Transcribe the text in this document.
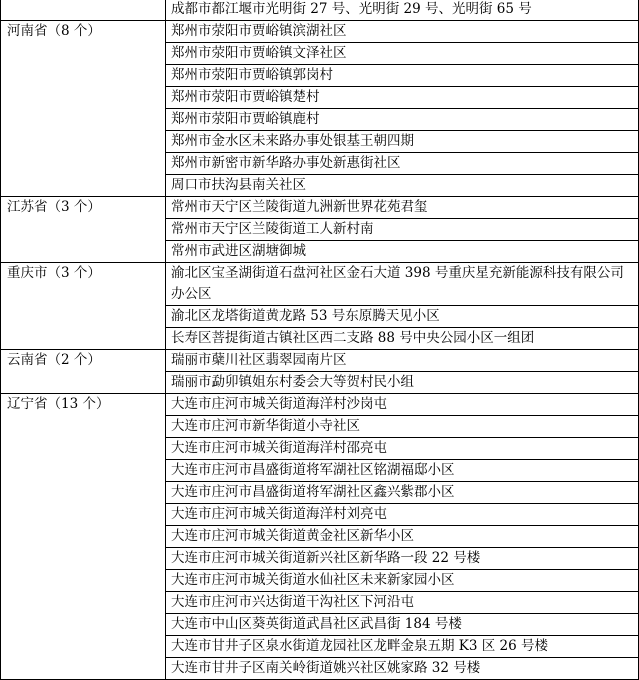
	成都市都江堰市光明街 27 号、光明街 29 号、光明街 65 号
河南省（8 个）	郑州市荥阳市贾峪镇滨湖社区
	郑州市荥阳市贾峪镇文泽社区
	郑州市荥阳市贾峪镇郭岗村
	郑州市荥阳市贾峪镇楚村
	郑州市荥阳市贾峪镇鹿村
	郑州市金水区未来路办事处银基王朝四期
	郑州市新密市新华路办事处新惠街社区
	周口市扶沟县南关社区
江苏省（3 个）	常州市天宁区兰陵街道九洲新世界花苑君玺
	常州市天宁区兰陵街道工人新村南
	常州市武进区湖塘御城
重庆市（3 个）	渝北区宝圣湖街道石盘河社区金石大道 398 号重庆星充新能源科技有限公司办公区
	渝北区龙塔街道黄龙路 53 号东原腾天见小区
	长寿区菩提街道古镇社区西二支路 88 号中央公园小区一组团
云南省（2 个）	瑞丽市蘖川社区翡翠园南片区
	瑞丽市勐卯镇姐东村委会大等贺村民小组
辽宁省（13 个）	大连市庄河市城关街道海洋村沙岗屯
	大连市庄河市新华街道小寺社区
	大连市庄河市城关街道海洋村邵亮屯
	大连市庄河市昌盛街道将军湖社区铭湖福邸小区
	大连市庄河市昌盛街道将军湖社区鑫兴紫郡小区
	大连市庄河市城关街道海洋村刘亮屯
	大连市庄河市城关街道黄金社区新华小区
	大连市庄河市城关街道新兴社区新华路一段 22 号楼
	大连市庄河市城关街道水仙社区未来新家园小区
	大连市庄河市兴达街道干沟社区下河沿屯
	大连市中山区葵英街道武昌社区武昌街 184 号楼
	大连市甘井子区泉水街道龙园社区龙畔金泉五期 K3 区 26 号楼
	大连市甘井子区南关岭街道姚兴社区姚家路 32 号楼
